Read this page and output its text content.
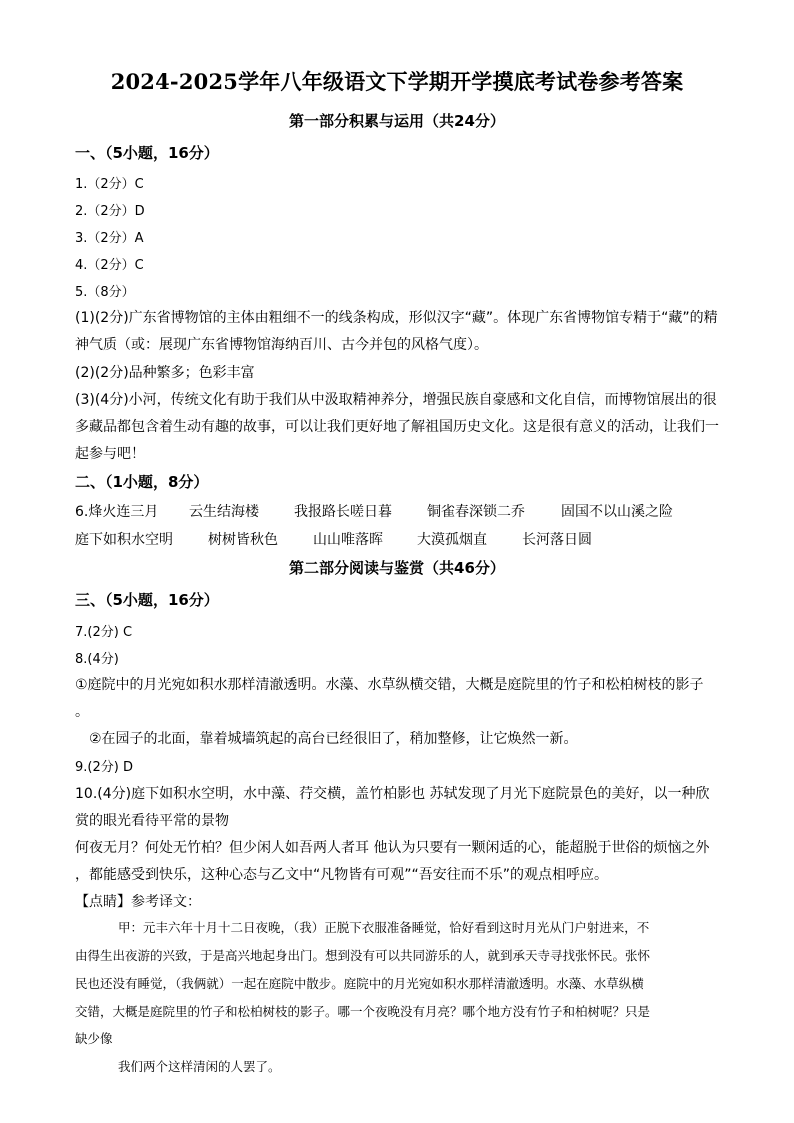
2024-2025学年八年级语文下学期开学摸底考试卷参考答案
第一部分积累与运用（共24分）
一、（5小题，16分）
1.（2分）C
2.（2分）D
3.（2分）A
4.（2分）C
5.（8分）
(1)(2分)广东省博物馆的主体由粗细不一的线条构成，形似汉字“藏”。体现广东省博物馆专精于“藏”的精
神气质（或：展现广东省博物馆海纳百川、古今并包的风格气度）。
(2)(2分)品种繁多；色彩丰富
(3)(4分)小河，传统文化有助于我们从中汲取精神养分，增强民族自豪感和文化自信，而博物馆展出的很
多藏品都包含着生动有趣的故事，可以让我们更好地了解祖国历史文化。这是很有意义的活动，让我们一
起参与吧！
二、（1小题，8分）
6.烽火连三月 云生结海楼	我报路长嗟日暮	铜雀春深锁二乔	固国不以山溪之险
庭下如积水空明	树树皆秋色	山山唯落晖 大漠孤烟直	长河落日圆
第二部分阅读与鉴赏（共46分）
三、（5小题，16分）
7.(2分) C
8.(4分)
①庭院中的月光宛如积水那样清澈透明。水藻、水草纵横交错，大概是庭院里的竹子和松柏树枝的影子
。
②在园子的北面，靠着城墙筑起的高台已经很旧了，稍加整修，让它焕然一新。
9.(2分) D
10.(4分)庭下如积水空明，水中藻、荇交横，盖竹柏影也 苏轼发现了月光下庭院景色的美好，以一种欣
赏的眼光看待平常的景物
何夜无月？何处无竹柏？但少闲人如吾两人者耳 他认为只要有一颗闲适的心，能超脱于世俗的烦恼之外
，都能感受到快乐，这种心态与乙文中“凡物皆有可观”“吾安往而不乐”的观点相呼应。
【点睛】参考译文：
甲：元丰六年十月十二日夜晚，（我）正脱下衣服准备睡觉，恰好看到这时月光从门户射进来，不
由得生出夜游的兴致，于是高兴地起身出门。想到没有可以共同游乐的人，就到承天寺寻找张怀民。张怀
民也还没有睡觉，（我俩就）一起在庭院中散步。庭院中的月光宛如积水那样清澈透明。水藻、水草纵横
交错，大概是庭院里的竹子和松柏树枝的影子。哪一个夜晚没有月亮？哪个地方没有竹子和柏树呢？只是
缺少像
我们两个这样清闲的人罢了。
